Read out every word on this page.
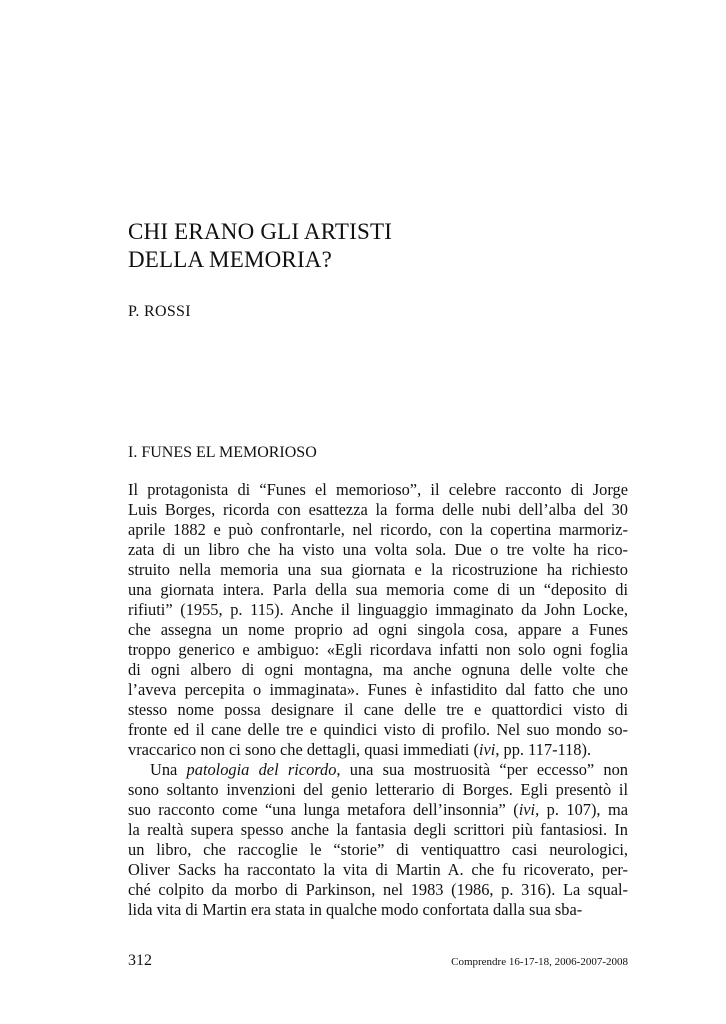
CHI ERANO GLI ARTISTI
DELLA MEMORIA?
P. ROSSI
I. FUNES EL MEMORIOSO
Il protagonista di “Funes el memorioso”, il celebre racconto di Jorge
Luis Borges, ricorda con esattezza la forma delle nubi dell’alba del 30
aprile 1882 e può confrontarle, nel ricordo, con la copertina marmoriz-
zata di un libro che ha visto una volta sola. Due o tre volte ha rico-
struito nella memoria una sua giornata e la ricostruzione ha richiesto
una giornata intera. Parla della sua memoria come di un “deposito di
rifiuti” (1955, p. 115). Anche il linguaggio immaginato da John Locke,
che assegna un nome proprio ad ogni singola cosa, appare a Funes
troppo generico e ambiguo: «Egli ricordava infatti non solo ogni foglia
di ogni albero di ogni montagna, ma anche ognuna delle volte che
l’aveva percepita o immaginata». Funes è infastidito dal fatto che uno
stesso nome possa designare il cane delle tre e quattordici visto di
fronte ed il cane delle tre e quindici visto di profilo. Nel suo mondo so-
vraccarico non ci sono che dettagli, quasi immediati (ivi, pp. 117-118).
Una patologia del ricordo, una sua mostruosità “per eccesso” non
sono soltanto invenzioni del genio letterario di Borges. Egli presentò il
suo racconto come “una lunga metafora dell’insonnia” (ivi, p. 107), ma
la realtà supera spesso anche la fantasia degli scrittori più fantasiosi. In
un libro, che raccoglie le “storie” di ventiquattro casi neurologici,
Oliver Sacks ha raccontato la vita di Martin A. che fu ricoverato, per-
ché colpito da morbo di Parkinson, nel 1983 (1986, p. 316). La squal-
lida vita di Martin era stata in qualche modo confortata dalla sua sba-
312	Comprendre 16-17-18, 2006-2007-2008
